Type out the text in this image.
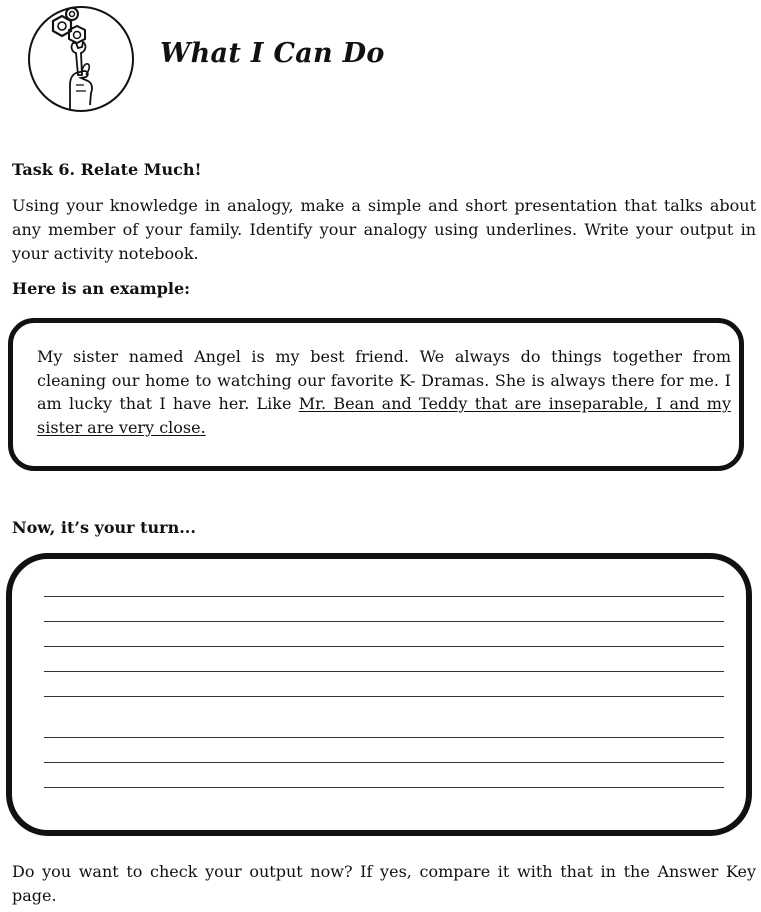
What I Can Do
Task 6. Relate Much!

Using your knowledge in analogy, make a simple and short presentation that talks about any member of your family. Identify your analogy using underlines. Write your output in your activity notebook.

Here is an example:

My sister named Angel is my best friend. We always do things together from cleaning our home to watching our favorite K- Dramas. She is always there for me. I am lucky that I have her. Like Mr. Bean and Teddy that are inseparable, I and my sister are very close.

Now, it’s your turn...

Do you want to check your output now? If yes, compare it with that in the Answer Key page.
